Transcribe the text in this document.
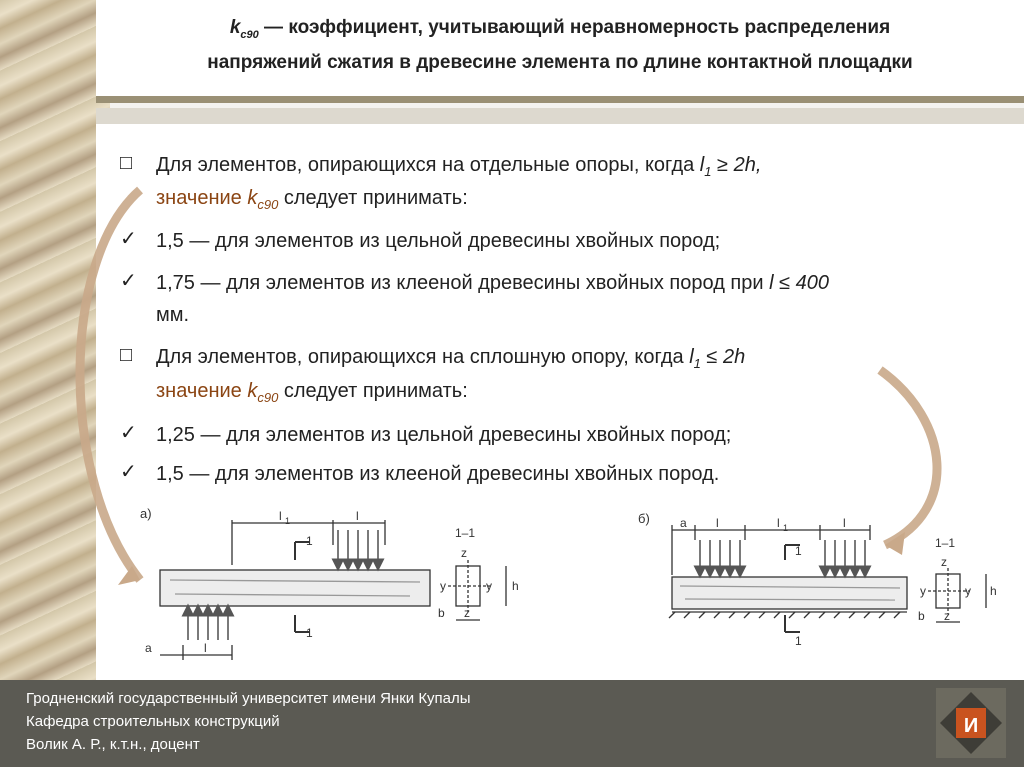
$k_{c90}$ — коэффициент, учитывающий неравномерность распределения
напряжений сжатия в древесине элемента по длине контактной площадки
□ Для элементов, опирающихся на отдельные опоры, когда $l_1 \ge 2h$,
значение $k_{c90}$ следует принимать:
✓ 1,5 — для элементов из цельной древесины хвойных пород;
✓ 1,75 — для элементов из клееной древесины хвойных пород при l ≤ 400
мм.
□ Для элементов, опирающихся на сплошную опору, когда $l_1 \le 2h$
значение $k_{c90}$ следует принимать:
✓ 1,25 — для элементов из цельной древесины хвойных пород;
✓ 1,5 — для элементов из клееной древесины хвойных пород.
а)	l 1	l
a	l
1
1
1–1
z
y	y h
b z
б)	a l	l 1	l
1
1
1–1
z
y	y h
b z
Гродненский государственный университет имени Янки Купалы
Кафедра строительных конструкций
Волик А. Р., к.т.н., доцент
И
